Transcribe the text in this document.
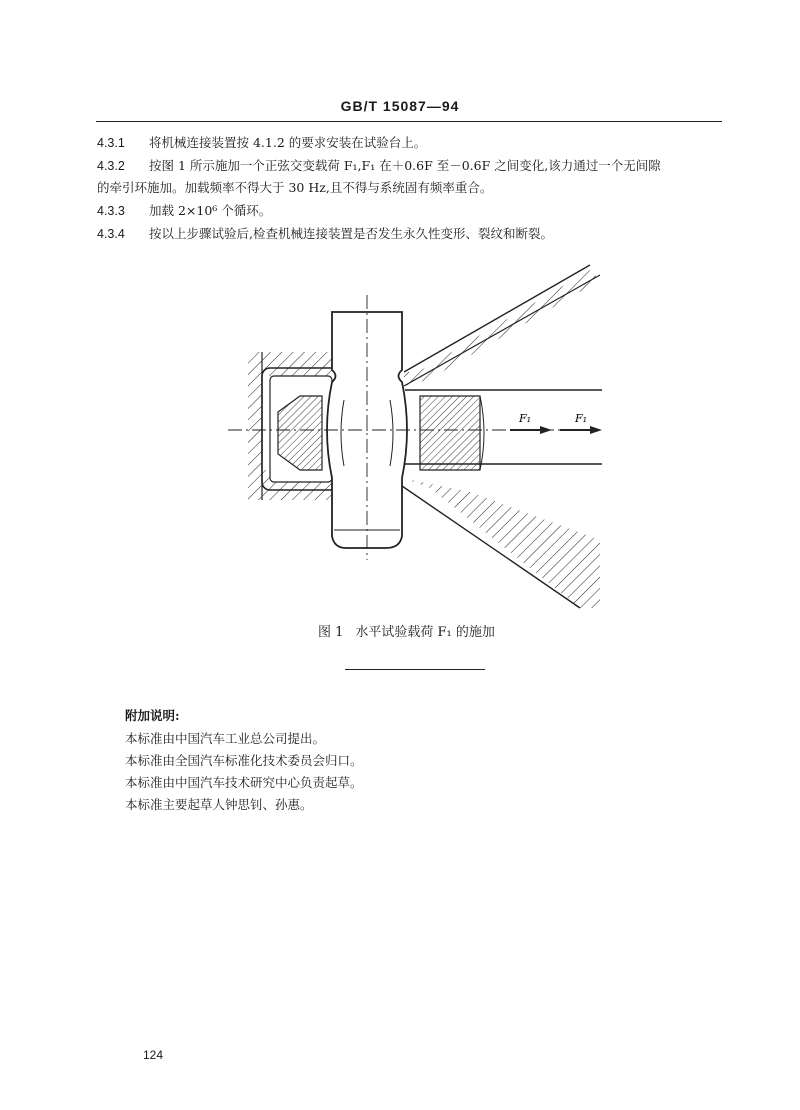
GB/T 15087—94
4.3.1 将机械连接装置按 4.1.2 的要求安装在试验台上。
4.3.2 按图 1 所示施加一个正弦交变载荷 F₁,F₁ 在＋0.6F 至－0.6F 之间变化,该力通过一个无间隙
的牵引环施加。加载频率不得大于 30 Hz,且不得与系统固有频率重合。
4.3.3 加载 2×10⁶ 个循环。
4.3.4 按以上步骤试验后,检查机械连接装置是否发生永久性变形、裂纹和断裂。
F₁	F₁
图 1 水平试验载荷 F₁ 的施加
附加说明:
本标准由中国汽车工业总公司提出。
本标准由全国汽车标准化技术委员会归口。
本标准由中国汽车技术研究中心负责起草。
本标准主要起草人钟思钊、孙惠。
124
